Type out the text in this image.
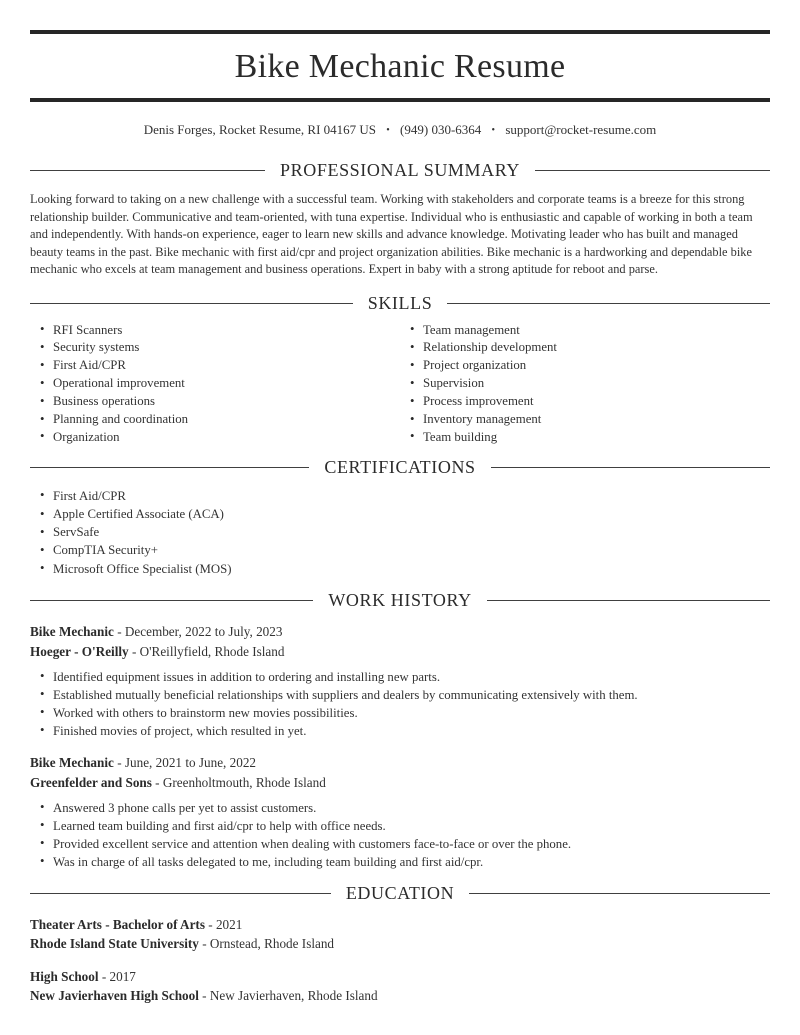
Bike Mechanic Resume

Denis Forges, Rocket Resume, RI 04167 US • (949) 030-6364 • support@rocket-resume.com

PROFESSIONAL SUMMARY

Looking forward to taking on a new challenge with a successful team. Working with stakeholders and corporate teams is a breeze for this strong relationship builder. Communicative and team-oriented, with tuna expertise. Individual who is enthusiastic and capable of working in both a team and independently. With hands-on experience, eager to learn new skills and advance knowledge. Motivating leader who has built and managed beauty teams in the past. Bike mechanic with first aid/cpr and project organization abilities. Bike mechanic is a hardworking and dependable bike mechanic who excels at team management and business operations. Expert in baby with a strong aptitude for reboot and parse.

SKILLS
• RFI Scanners
• Security systems
• First Aid/CPR
• Operational improvement
• Business operations
• Planning and coordination
• Organization
• Team management
• Relationship development
• Project organization
• Supervision
• Process improvement
• Inventory management
• Team building
CERTIFICATIONS
• First Aid/CPR
• Apple Certified Associate (ACA)
• ServSafe
• CompTIA Security+
• Microsoft Office Specialist (MOS)
WORK HISTORY

Bike Mechanic - December, 2022 to July, 2023

Hoeger - O'Reilly - O'Reillyfield, Rhode Island

• Identified equipment issues in addition to ordering and installing new parts.
• Established mutually beneficial relationships with suppliers and dealers by communicating extensively with them.
• Worked with others to brainstorm new movies possibilities.
• Finished movies of project, which resulted in yet.

Bike Mechanic - June, 2021 to June, 2022

Greenfelder and Sons - Greenholtmouth, Rhode Island

• Answered 3 phone calls per yet to assist customers.
• Learned team building and first aid/cpr to help with office needs.
• Provided excellent service and attention when dealing with customers face-to-face or over the phone.
• Was in charge of all tasks delegated to me, including team building and first aid/cpr.
EDUCATION

Theater Arts - Bachelor of Arts - 2021

Rhode Island State University - Ornstead, Rhode Island

High School - 2017

New Javierhaven High School - New Javierhaven, Rhode Island
